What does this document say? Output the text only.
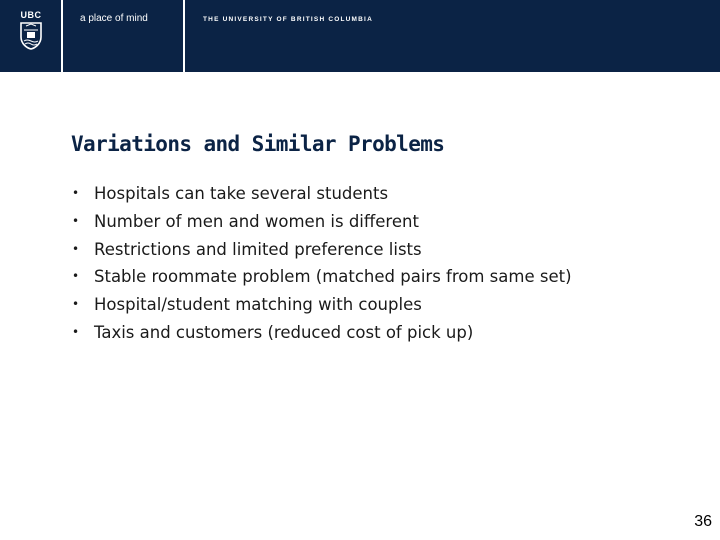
UBC	a place of mind	THE UNIVERSITY OF BRITISH COLUMBIA
Variations and Similar Problems
• Hospitals can take several students
• Number of men and women is different
• Restrictions and limited preference lists
• Stable roommate problem (matched pairs from same set)
• Hospital/student matching with couples
• Taxis and customers (reduced cost of pick up)
36
